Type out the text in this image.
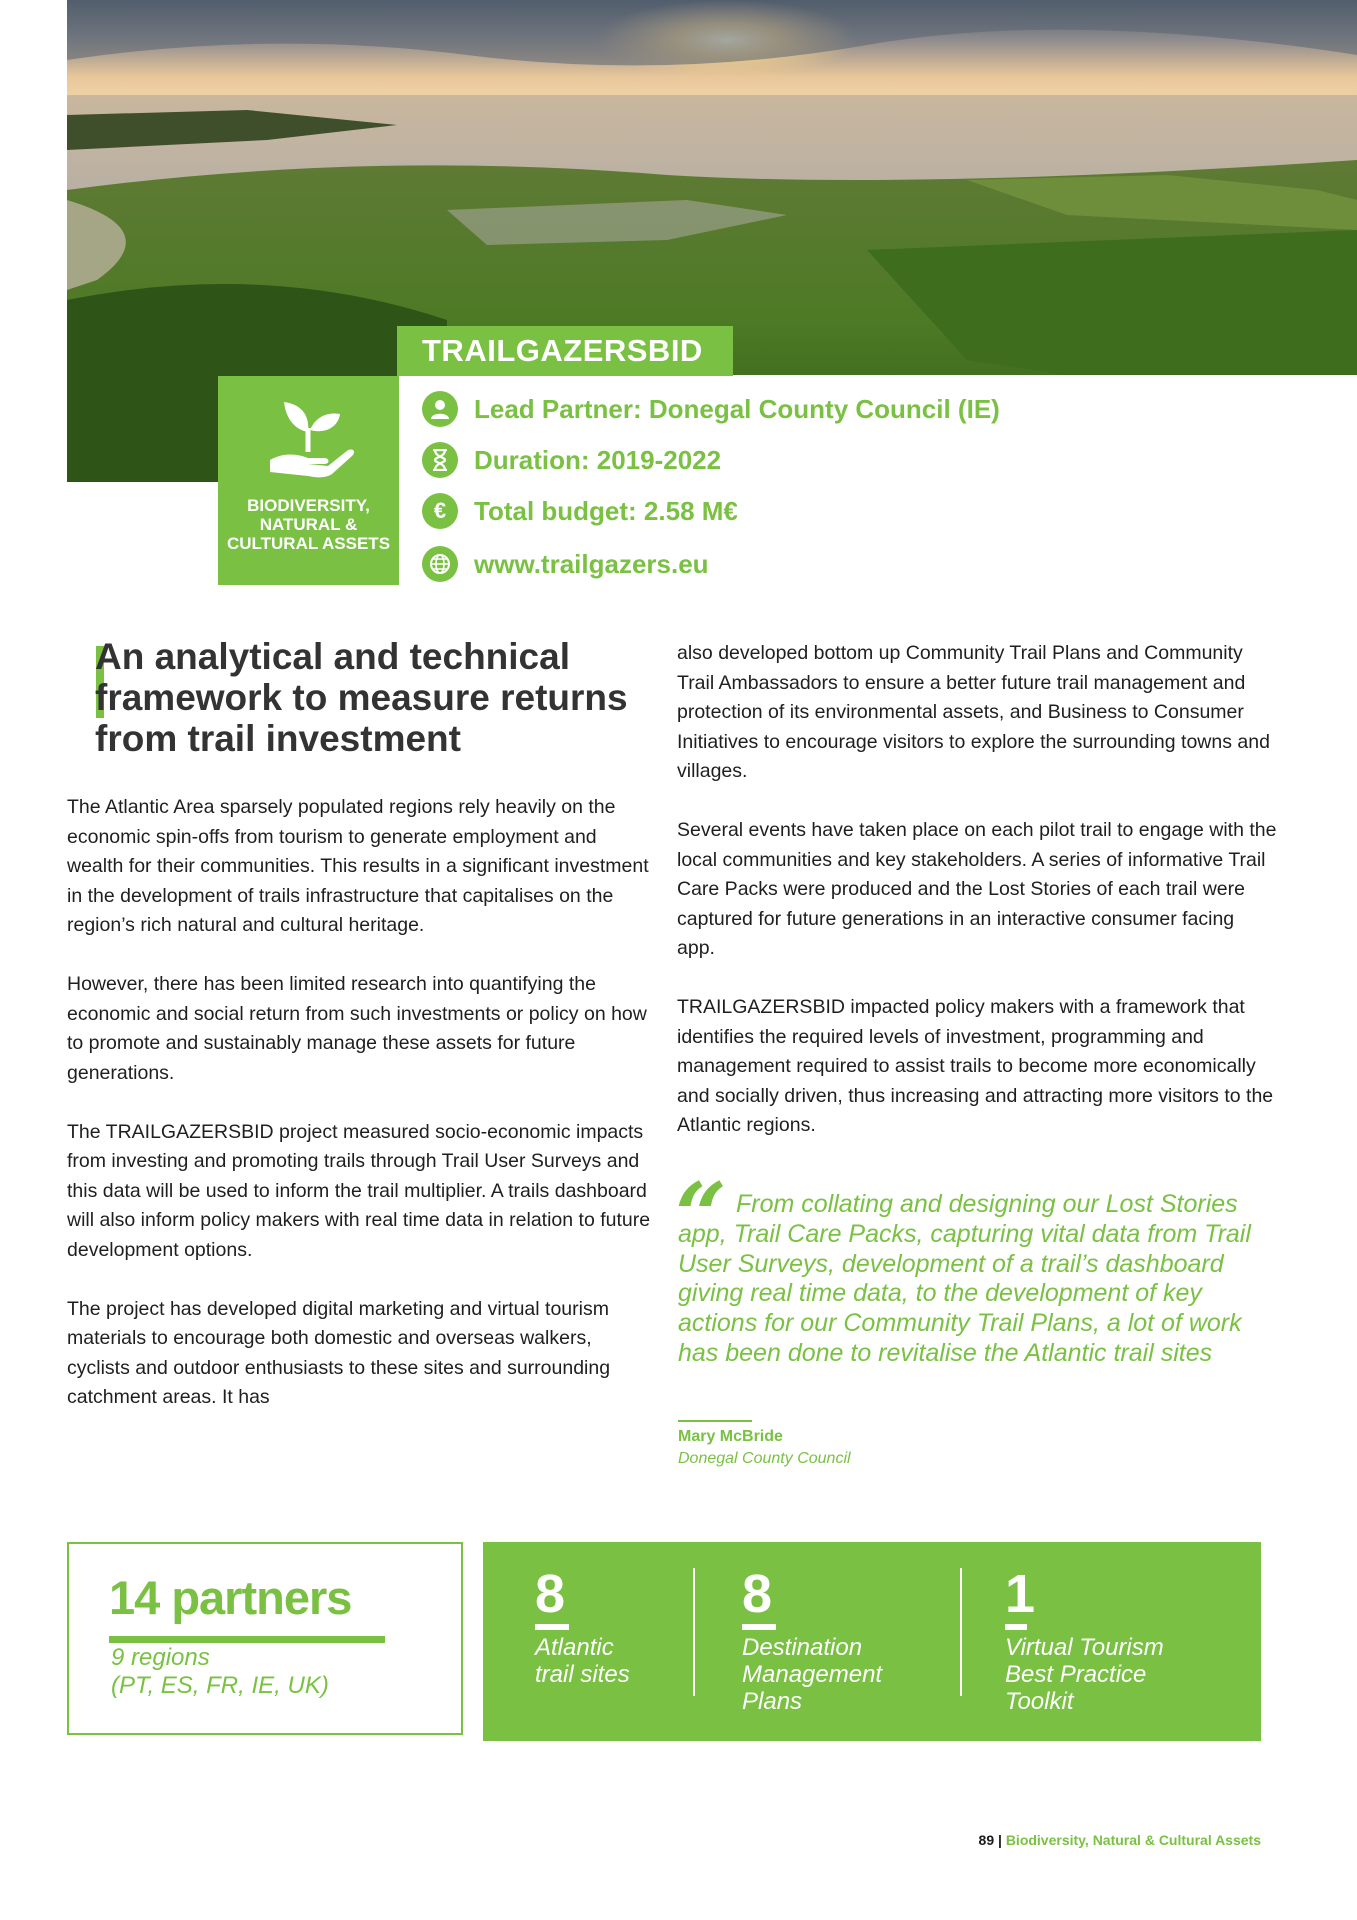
TRAILGAZERSBID
BIODIVERSITY, NATURAL & CULTURAL ASSETS
Lead Partner: Donegal County Council (IE)
Duration: 2019-2022
€	Total budget: 2.58 M€
www.trailgazers.eu
An analytical and technical framework to measure returns from trail investment

The Atlantic Area sparsely populated regions rely heavily on the economic spin-offs from tourism to generate employment and wealth for their communities. This results in a significant investment in the development of trails infrastructure that capitalises on the region’s rich natural and cultural heritage.

However, there has been limited research into quantifying the economic and social return from such investments or policy on how to promote and sustainably manage these assets for future generations.

The TRAILGAZERSBID project measured socio-economic impacts from investing and promoting trails through Trail User Surveys and this data will be used to inform the trail multiplier. A trails dashboard will also inform policy makers with real time data in relation to future development options.

The project has developed digital marketing and virtual tourism materials to encourage both domestic and overseas walkers, cyclists and outdoor enthusiasts to these sites and surrounding catchment areas. It has

also developed bottom up Community Trail Plans and Community Trail Ambassadors to ensure a better future trail management and protection of its environmental assets, and Business to Consumer Initiatives to encourage visitors to explore the surrounding towns and villages.

Several events have taken place on each pilot trail to engage with the local communities and key stakeholders. A series of informative Trail Care Packs were produced and the Lost Stories of each trail were captured for future generations in an interactive consumer facing app.

TRAILGAZERSBID impacted policy makers with a framework that identifies the required levels of investment, programming and management required to assist trails to become more economically and socially driven, thus increasing and attracting more visitors to the Atlantic regions.

“ From collating and designing our Lost Stories app, Trail Care Packs, capturing vital data from Trail User Surveys, development of a trail’s dashboard giving real time data, to the development of key actions for our Community Trail Plans, a lot of work has been done to revitalise the Atlantic trail sites
Mary McBride
Donegal County Council
14 partners
9 regions
(PT, ES, FR, IE, UK)
8
Atlantic
trail sites
8
Destination
Management
Plans
1
Virtual Tourism
Best Practice
Toolkit
89 | Biodiversity, Natural & Cultural Assets
